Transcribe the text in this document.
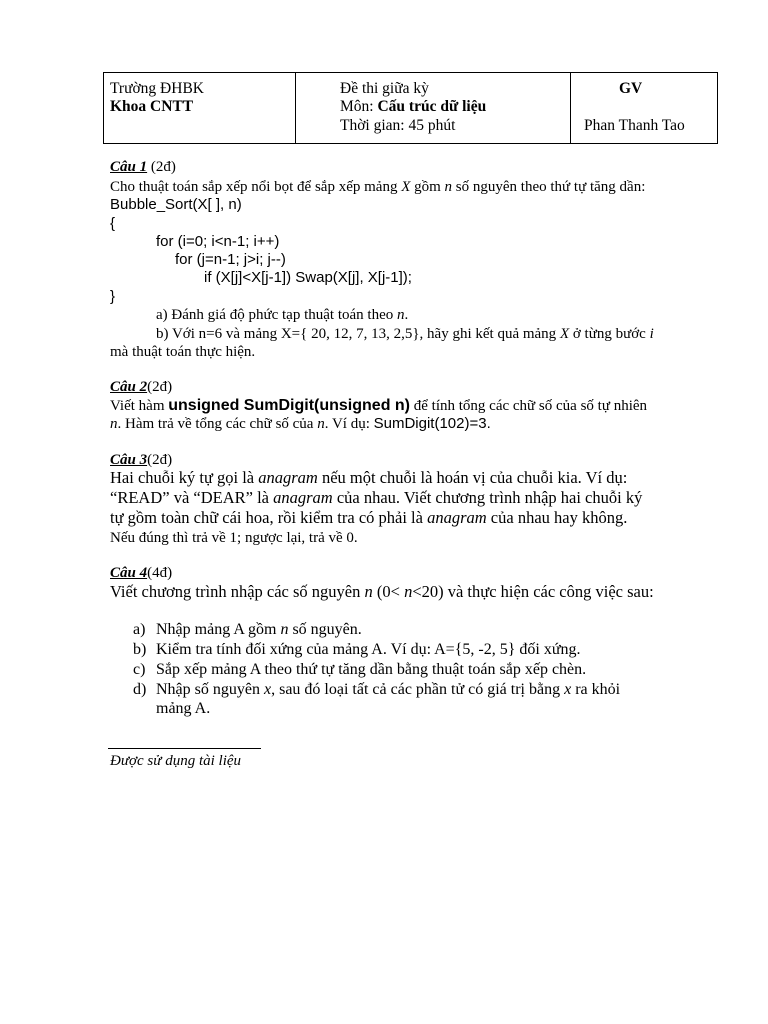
Trường ĐHBK
Khoa CNTT
Đề thi giữa kỳ
Môn: Cấu trúc dữ liệu
Thời gian: 45 phút
GV
Phan Thanh Tao
Câu 1 (2đ)
Cho thuật toán sắp xếp nổi bọt để sắp xếp mảng X gồm n số nguyên theo thứ tự tăng dần:
Bubble_Sort(X[ ], n)
{
for (i=0; i<n-1; i++)
for (j=n-1; j>i; j--)
if (X[j]<X[j-1]) Swap(X[j], X[j-1]);
}
a) Đánh giá độ phức tạp thuật toán theo n.
b) Với n=6 và mảng X={ 20, 12, 7, 13, 2,5}, hãy ghi kết quả mảng X ở từng bước i
mà thuật toán thực hiện.
Câu 2(2đ)
Viết hàm unsigned SumDigit(unsigned n) để tính tổng các chữ số của số tự nhiên
n. Hàm trả về tổng các chữ số của n. Ví dụ: SumDigit(102)=3.
Câu 3(2đ)
Hai chuỗi ký tự gọi là anagram nếu một chuỗi là hoán vị của chuỗi kia. Ví dụ:
“READ” và “DEAR” là anagram của nhau. Viết chương trình nhập hai chuỗi ký
tự gồm toàn chữ cái hoa, rồi kiểm tra có phải là anagram của nhau hay không.
Nếu đúng thì trả về 1; ngược lại, trả về 0.
Câu 4(4đ)
Viết chương trình nhập các số nguyên n (0< n<20) và thực hiện các công việc sau:
a) Nhập mảng A gồm n số nguyên.
b) Kiểm tra tính đối xứng của mảng A. Ví dụ: A={5, -2, 5} đối xứng.
c) Sắp xếp mảng A theo thứ tự tăng dần bằng thuật toán sắp xếp chèn.
d) Nhập số nguyên x, sau đó loại tất cả các phần tử có giá trị bằng x ra khỏi
mảng A.
Được sử dụng tài liệu
